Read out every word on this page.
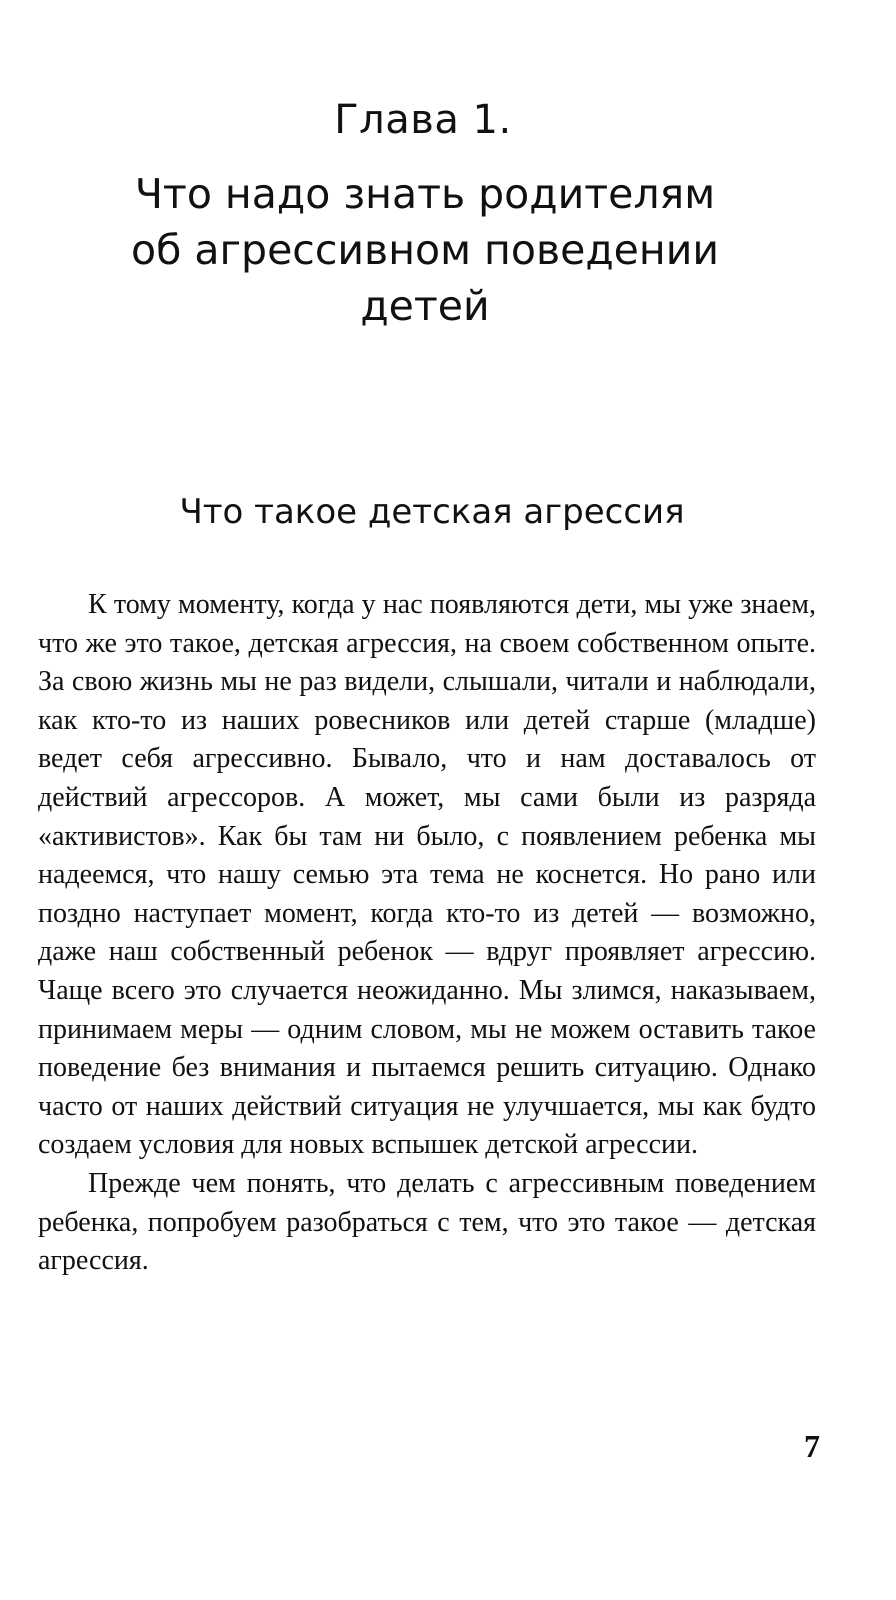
Глава 1.
Что надо знать родителям
об агрессивном поведении
детей
Что такое детская агрессия

К тому моменту, когда у нас появляются дети, мы уже знаем, что же это такое, детская агрессия, на своем собственном опыте. За свою жизнь мы не раз видели, слышали, читали и наблюдали, как кто-то из наших ровесников или детей старше (младше) ведет себя агрессивно. Бывало, что и нам доставалось от действий агрессоров. А может, мы сами были из разряда «активистов». Как бы там ни было, с появлением ребенка мы надеемся, что нашу семью эта тема не коснется. Но рано или поздно наступает момент, когда кто-то из детей — возможно, даже наш собственный ребенок — вдруг проявляет агрессию. Чаще всего это случается неожиданно. Мы злимся, наказываем, принимаем меры — одним словом, мы не можем оставить такое поведение без внимания и пытаемся решить ситуацию. Однако часто от наших действий ситуация не улучшается, мы как будто создаем условия для новых вспышек детской агрессии.

Прежде чем понять, что делать с агрессивным поведением ребенка, попробуем разобраться с тем, что это такое — детская агрессия.

7
